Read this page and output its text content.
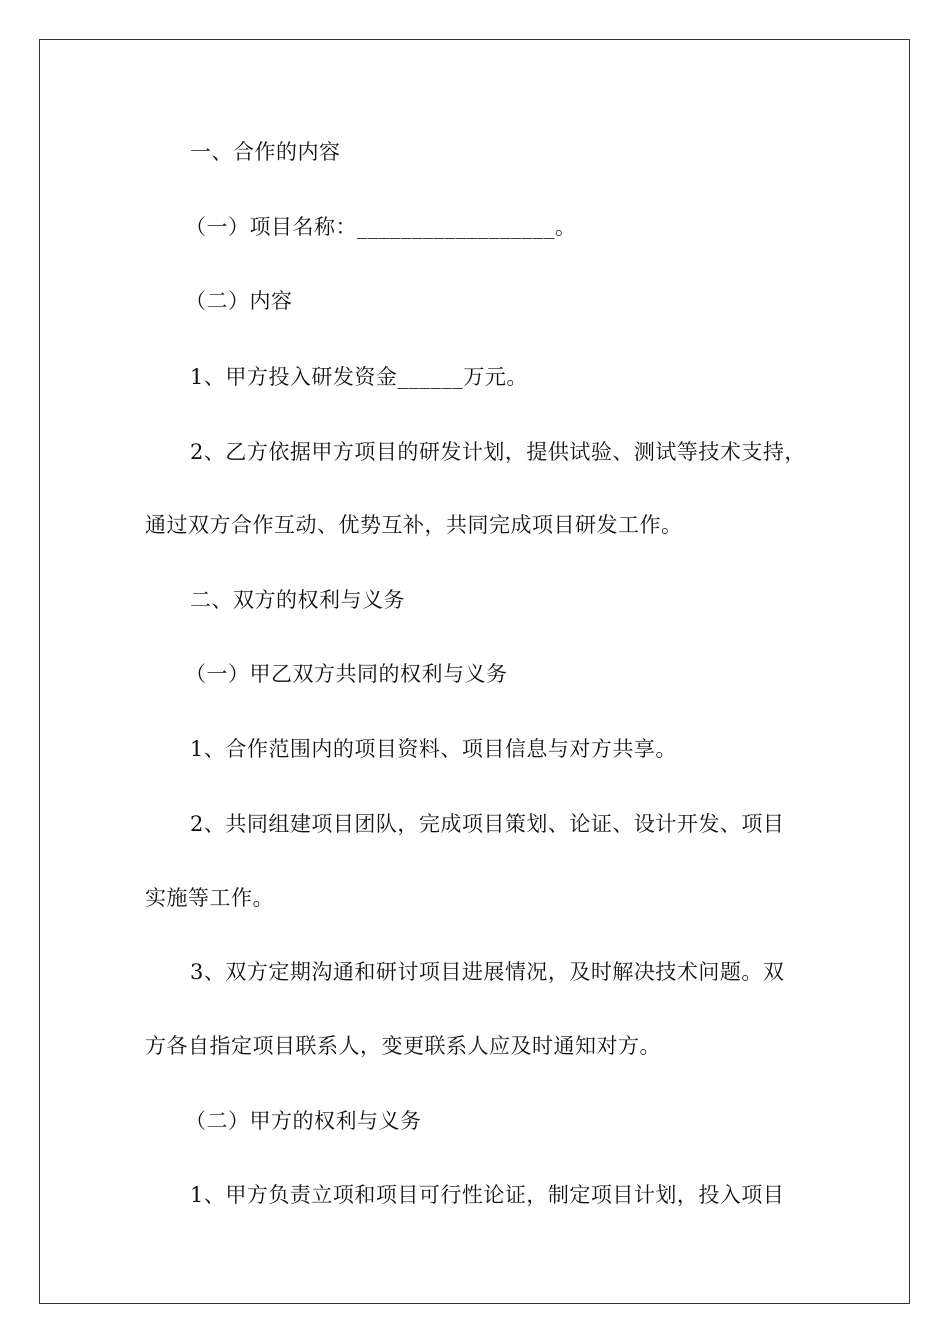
一、合作的内容
（一）项目名称：__________________。
（二）内容
1、甲方投入研发资金______万元。
2、乙方依据甲方项目的研发计划，提供试验、测试等技术支持，
通过双方合作互动、优势互补，共同完成项目研发工作。
二、双方的权利与义务
（一）甲乙双方共同的权利与义务
1、合作范围内的项目资料、项目信息与对方共享。
2、共同组建项目团队，完成项目策划、论证、设计开发、项目
实施等工作。
3、双方定期沟通和研讨项目进展情况，及时解决技术问题。双
方各自指定项目联系人，变更联系人应及时通知对方。
（二）甲方的权利与义务
1、甲方负责立项和项目可行性论证，制定项目计划，投入项目
